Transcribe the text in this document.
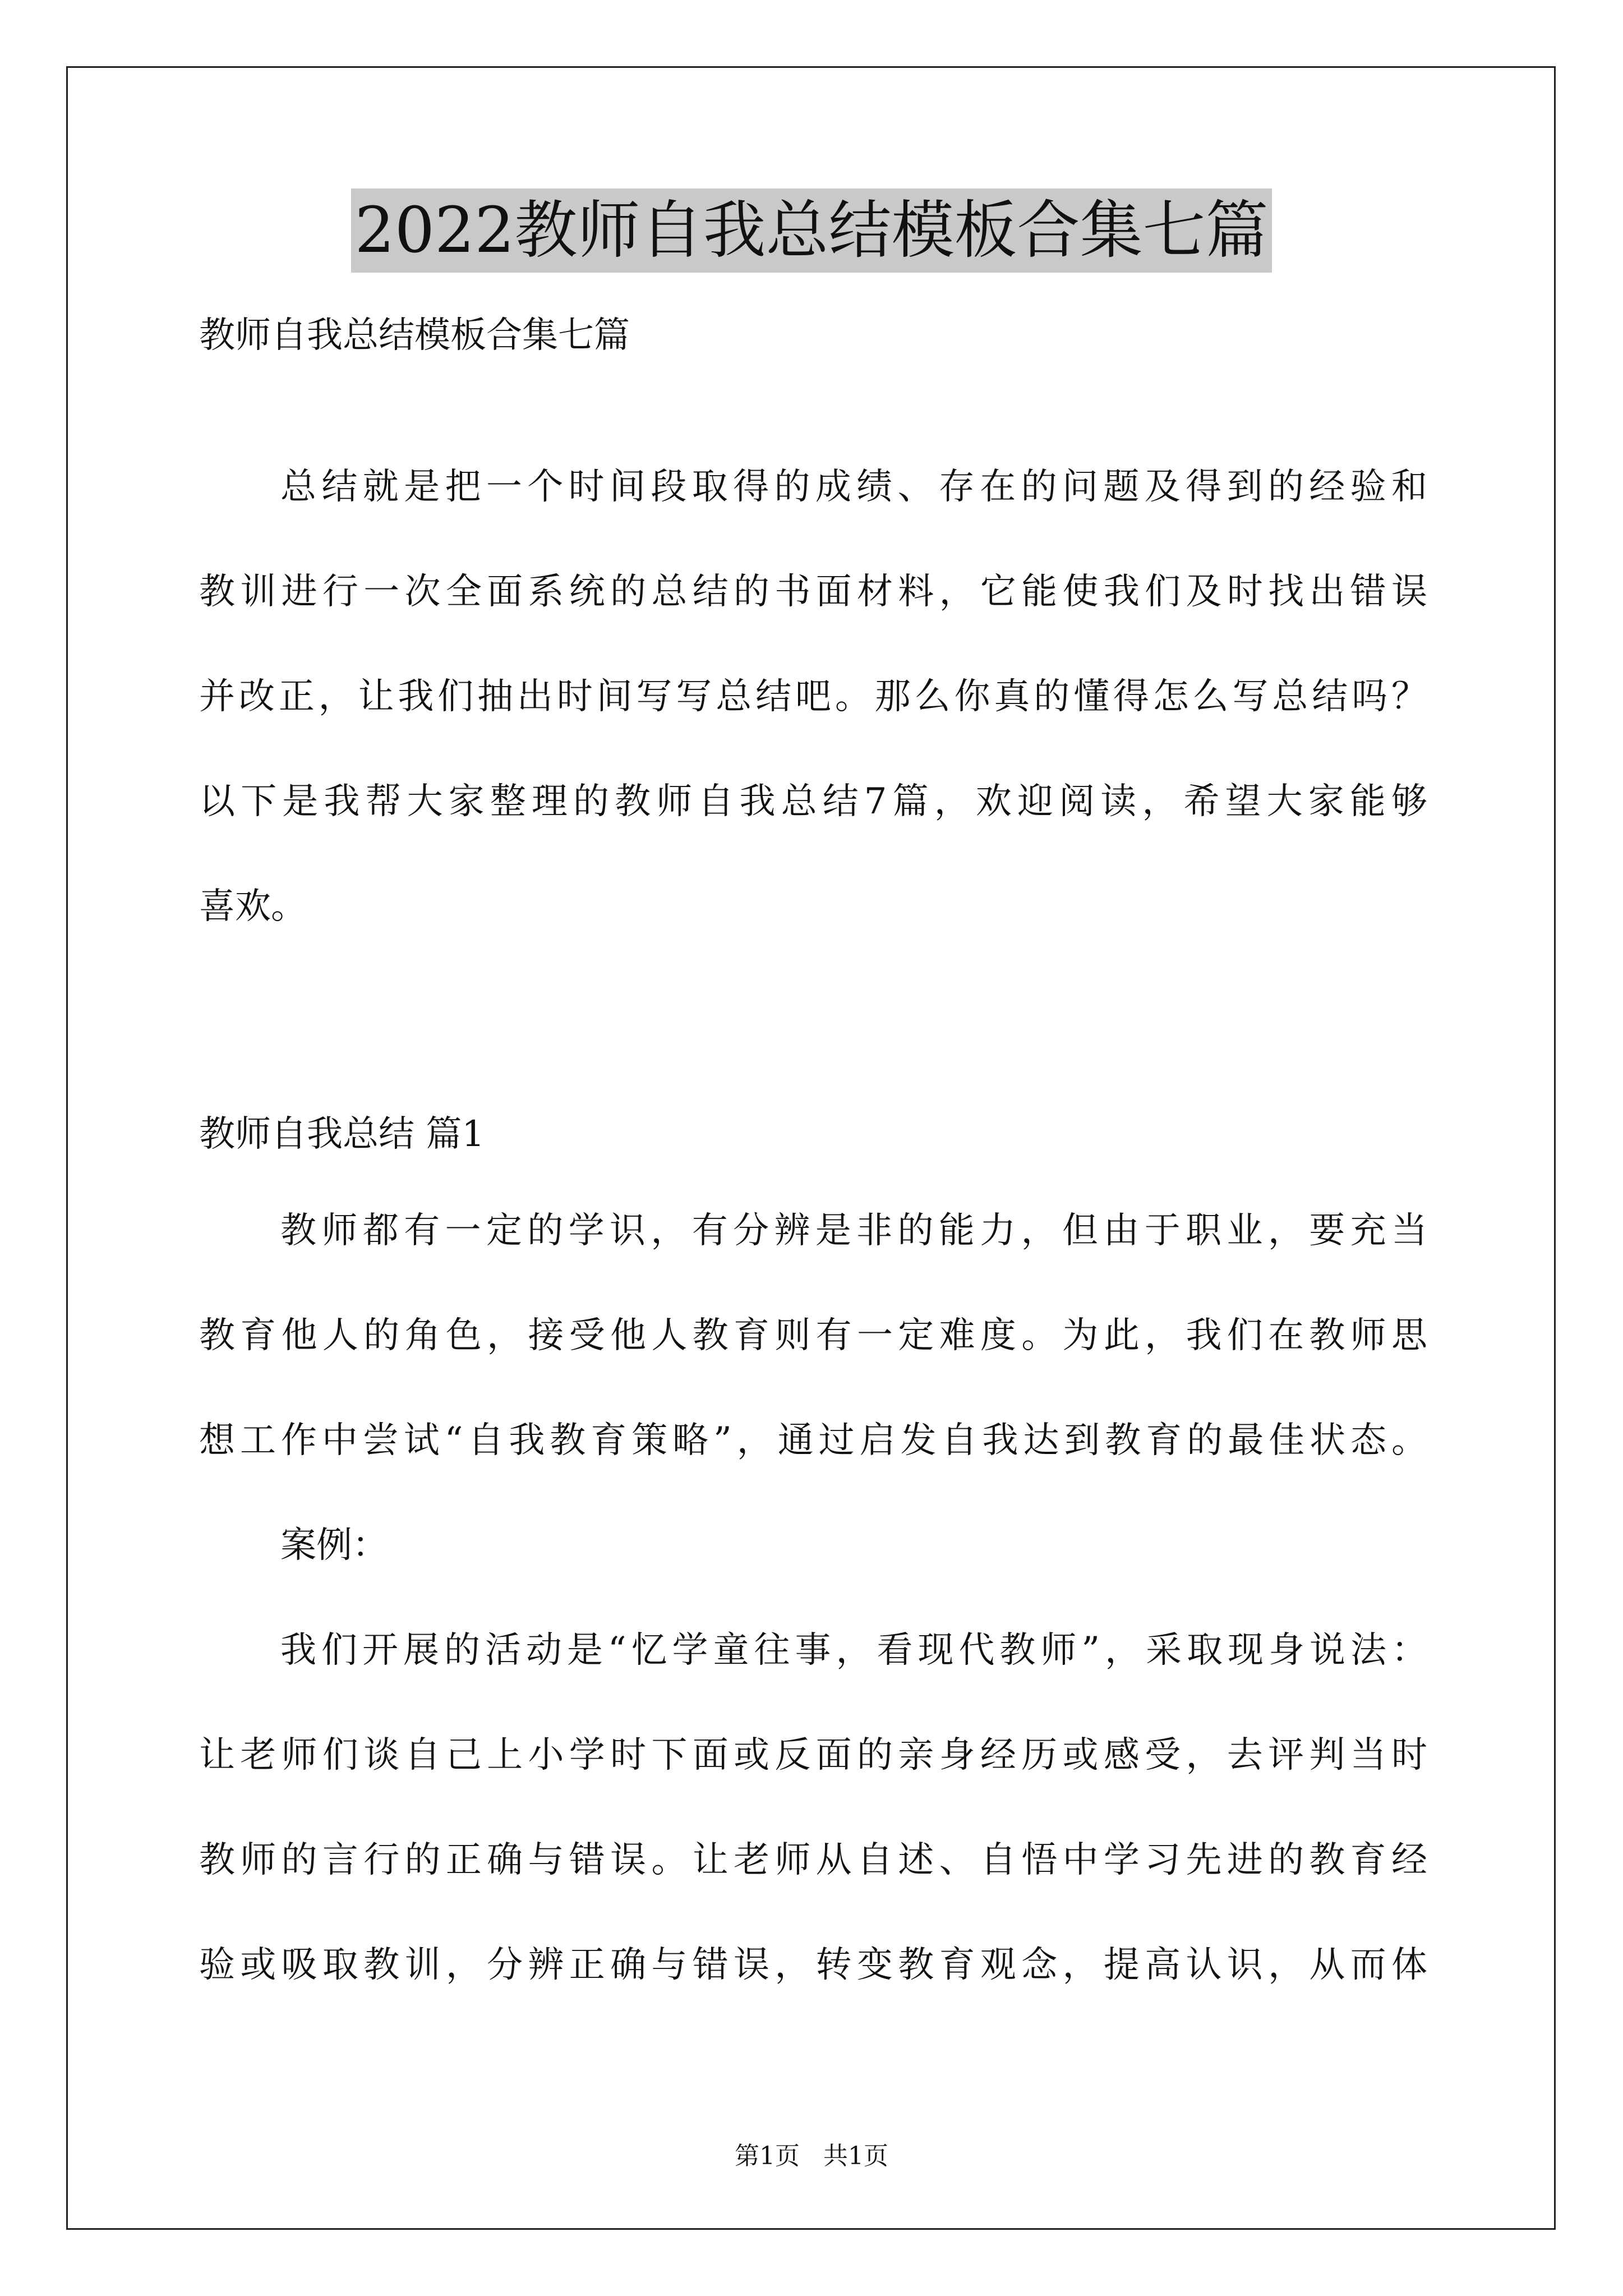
2022教师自我总结模板合集七篇

教师自我总结模板合集七篇

总结就是把一个时间段取得的成绩、存在的问题及得到的经验和

教训进行一次全面系统的总结的书面材料，它能使我们及时找出错误

并改正，让我们抽出时间写写总结吧。那么你真的懂得怎么写总结吗？

以下是我帮大家整理的教师自我总结7篇，欢迎阅读，希望大家能够

喜欢。

教师自我总结 篇1

教师都有一定的学识，有分辨是非的能力，但由于职业，要充当

教育他人的角色，接受他人教育则有一定难度。为此，我们在教师思

想工作中尝试“自我教育策略”，通过启发自我达到教育的最佳状态。

案例：

我们开展的活动是“忆学童往事，看现代教师”，采取现身说法：

让老师们谈自己上小学时下面或反面的亲身经历或感受，去评判当时

教师的言行的正确与错误。让老师从自述、自悟中学习先进的教育经

验或吸取教训，分辨正确与错误，转变教育观念，提高认识，从而体

第1页   共1页
